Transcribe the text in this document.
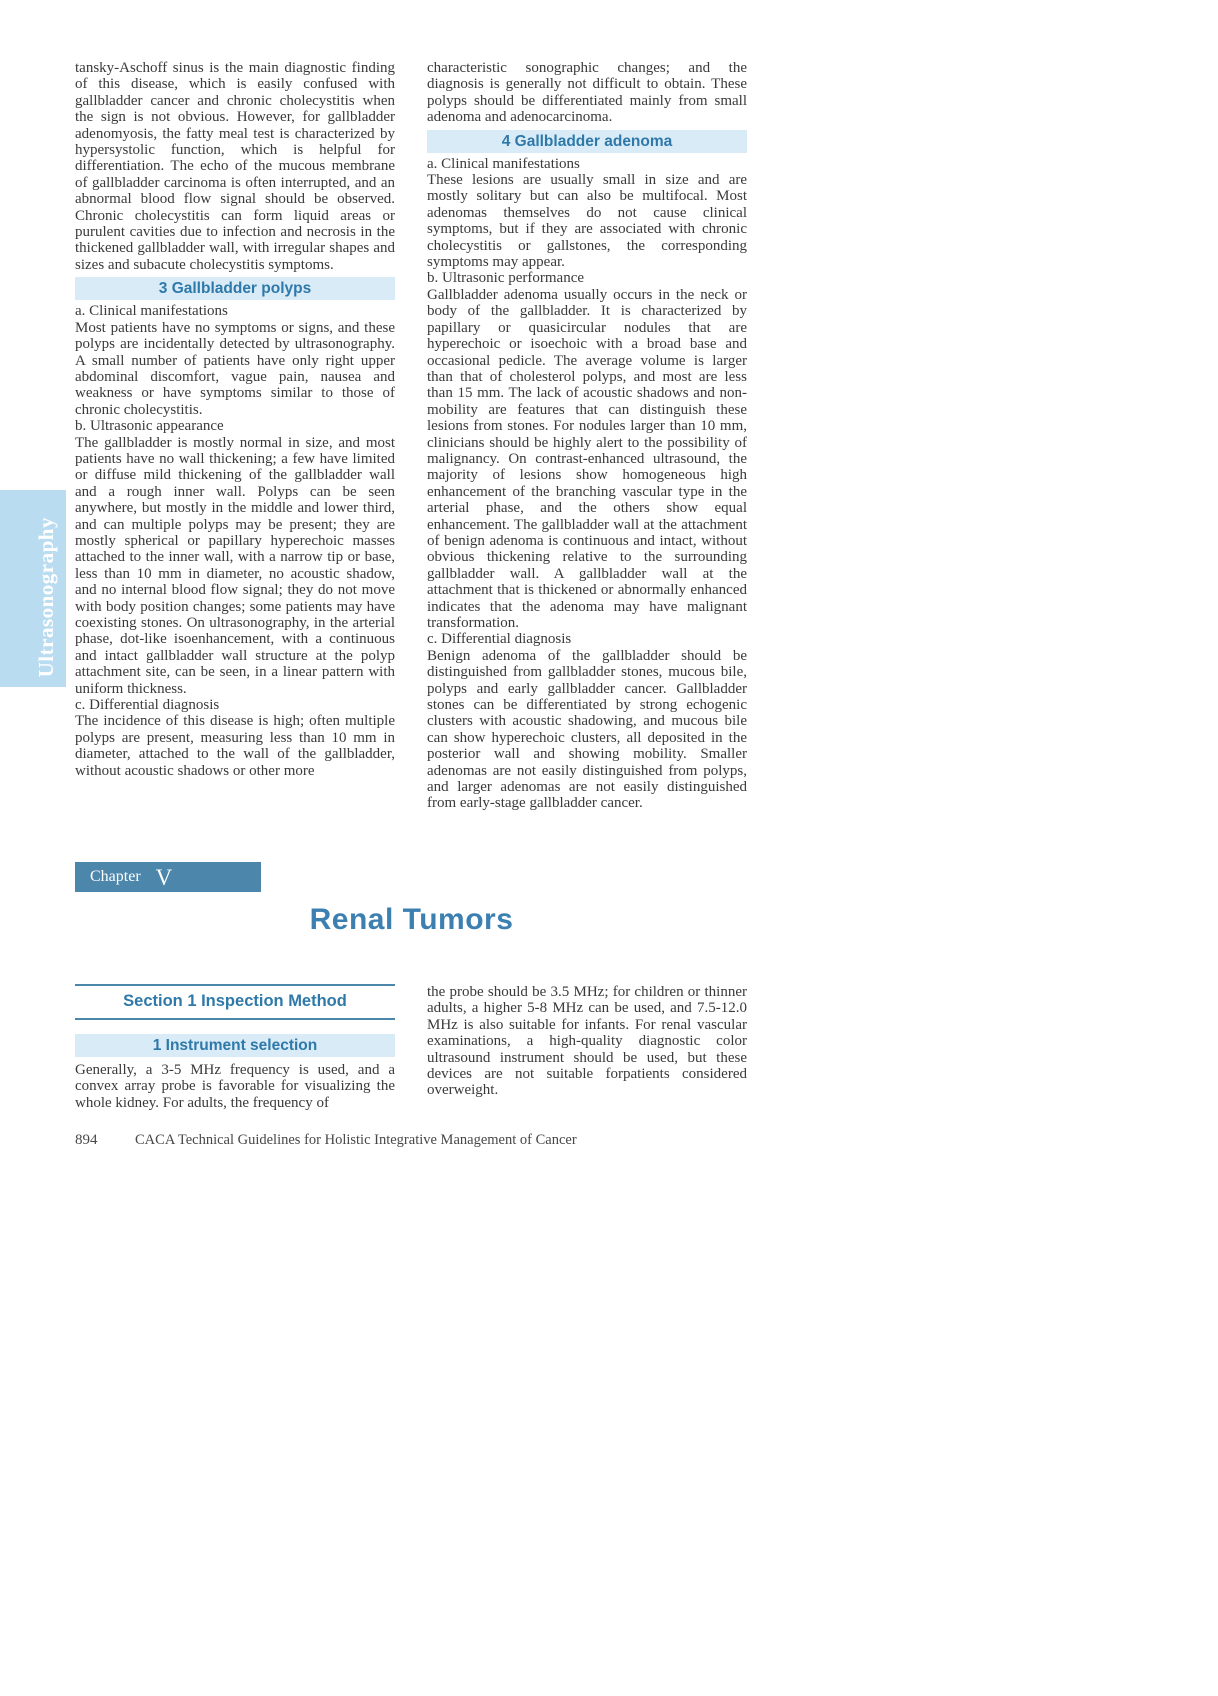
Ultrasonography

tansky-Aschoff sinus is the main diagnostic finding of this disease, which is easily confused with gallbladder cancer and chronic cholecystitis when the sign is not obvious. However, for gallbladder adenomyosis, the fatty meal test is characterized by hypersystolic function, which is helpful for differentiation. The echo of the mucous membrane of gallbladder carcinoma is often interrupted, and an abnormal blood flow signal should be observed. Chronic cholecystitis can form liquid areas or purulent cavities due to infection and necrosis in the thickened gallbladder wall, with irregular shapes and sizes and subacute cholecystitis symptoms.

3 Gallbladder polyps

a. Clinical manifestations

Most patients have no symptoms or signs, and these polyps are incidentally detected by ultrasonography. A small number of patients have only right upper abdominal discomfort, vague pain, nausea and weakness or have symptoms similar to those of chronic cholecystitis.

b. Ultrasonic appearance

The gallbladder is mostly normal in size, and most patients have no wall thickening; a few have limited or diffuse mild thickening of the gallbladder wall and a rough inner wall. Polyps can be seen anywhere, but mostly in the middle and lower third, and can multiple polyps may be present; they are mostly spherical or papillary hyperechoic masses attached to the inner wall, with a narrow tip or base, less than 10 mm in diameter, no acoustic shadow, and no internal blood flow signal; they do not move with body position changes; some patients may have coexisting stones. On ultrasonography, in the arterial phase, dot-like isoenhancement, with a continuous and intact gallbladder wall structure at the polyp attachment site, can be seen, in a linear pattern with uniform thickness.

c. Differential diagnosis

The incidence of this disease is high; often multiple polyps are present, measuring less than 10 mm in diameter, attached to the wall of the gallbladder, without acoustic shadows or other more

characteristic sonographic changes; and the diagnosis is generally not difficult to obtain. These polyps should be differentiated mainly from small adenoma and adenocarcinoma.

4 Gallbladder adenoma

a. Clinical manifestations

These lesions are usually small in size and are mostly solitary but can also be multifocal. Most adenomas themselves do not cause clinical symptoms, but if they are associated with chronic cholecystitis or gallstones, the corresponding symptoms may appear.

b. Ultrasonic performance

Gallbladder adenoma usually occurs in the neck or body of the gallbladder. It is characterized by papillary or quasicircular nodules that are hyperechoic or isoechoic with a broad base and occasional pedicle. The average volume is larger than that of cholesterol polyps, and most are less than 15 mm. The lack of acoustic shadows and non-mobility are features that can distinguish these lesions from stones. For nodules larger than 10 mm, clinicians should be highly alert to the possibility of malignancy. On contrast-enhanced ultrasound, the majority of lesions show homogeneous high enhancement of the branching vascular type in the arterial phase, and the others show equal enhancement. The gallbladder wall at the attachment of benign adenoma is continuous and intact, without obvious thickening relative to the surrounding gallbladder wall. A gallbladder wall at the attachment that is thickened or abnormally enhanced indicates that the adenoma may have malignant transformation.

c. Differential diagnosis

Benign adenoma of the gallbladder should be distinguished from gallbladder stones, mucous bile, polyps and early gallbladder cancer. Gallbladder stones can be differentiated by strong echogenic clusters with acoustic shadowing, and mucous bile can show hyperechoic clusters, all deposited in the posterior wall and showing mobility. Smaller adenomas are not easily distinguished from polyps, and larger adenomas are not easily distinguished from early-stage gallbladder cancer.

Chapter V
Renal Tumors
Section 1 Inspection Method
1 Instrument selection

Generally, a 3-5 MHz frequency is used, and a convex array probe is favorable for visualizing the whole kidney. For adults, the frequency of

the probe should be 3.5 MHz; for children or thinner adults, a higher 5-8 MHz can be used, and 7.5-12.0 MHz is also suitable for infants. For renal vascular examinations, a high-quality diagnostic color ultrasound instrument should be used, but these devices are not suitable forpatients considered overweight.

894	CACA Technical Guidelines for Holistic Integrative Management of Cancer
